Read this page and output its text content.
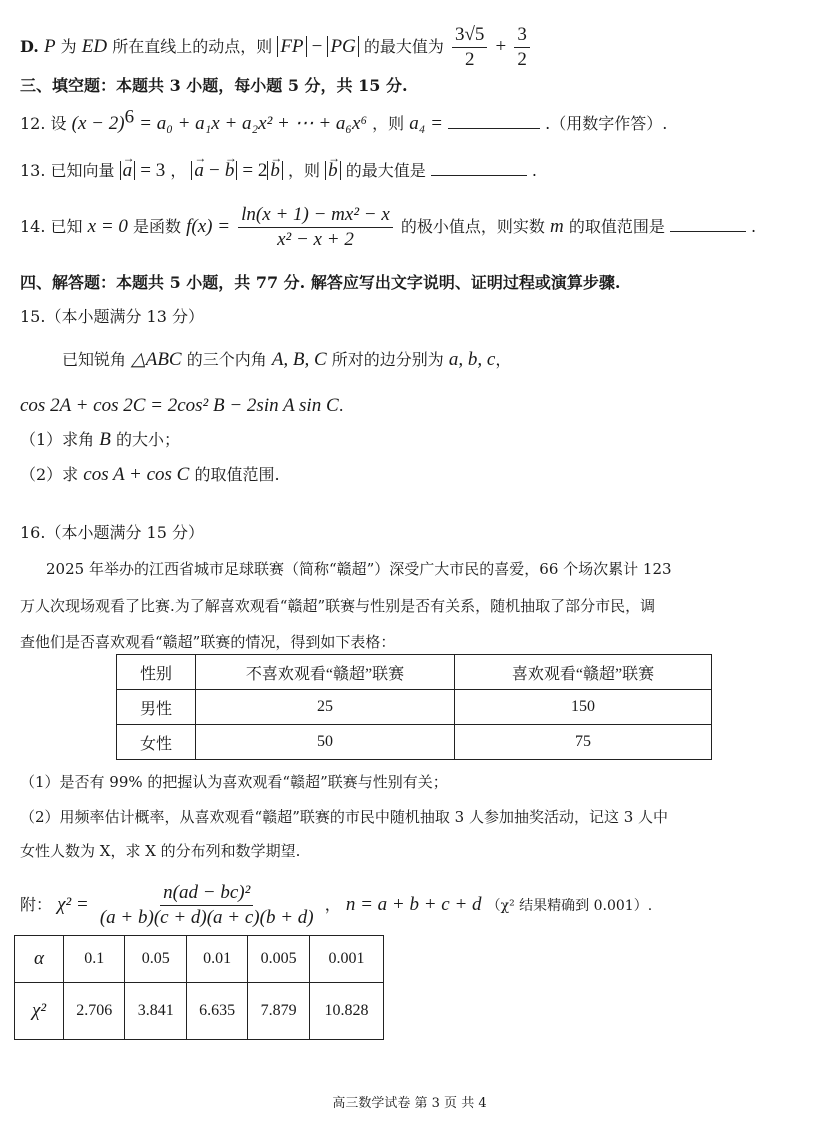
D. P 为 ED 所在直线上的动点，则 FP − PG 的最大值为 $\frac{3√5}{2} + \frac{3}{2}$
三、填空题：本题共 3 小题，每小题 5 分，共 15 分.
12. 设 $(x - 2)^6 = a_0 + a_1x + a_2x^2$ + ⋯ + a₆x⁶ ，则 a₄ =	.（用数字作答）.
13. 已知向量 → a = 3 ， → a − → b = 2 → b ，则 → b 的最大值是	.
14. 已知 x = 0 是函数 $f(x) = \frac{\text{ln(x + 1) − mx² − x}}{\text{x² − x + 2}}$ 的极小值点，则实数 m 的取值范围是	.
四、解答题：本题共 5 小题，共 77 分. 解答应写出文字说明、证明过程或演算步骤.
15.（本小题满分 13 分）
已知锐角 △ABC 的三个内角 A, B, C 所对的边分别为 a, b, c，
cos 2A + cos 2C = 2cos² B − 2sin A sin C.
（1）求角 B 的大小；
（2）求 cos A + cos C 的取值范围.
16.（本小题满分 15 分）
2025 年举办的江西省城市足球联赛（简称“赣超”）深受广大市民的喜爱，66 个场次累计 123
万人次现场观看了比赛.为了解喜欢观看“赣超”联赛与性别是否有关系，随机抽取了部分市民，调
查他们是否喜欢观看“赣超”联赛的情况，得到如下表格：
性别	不喜欢观看“赣超”联赛	喜欢观看“赣超”联赛
男性	25	150
女性	50	75
（1）是否有 99% 的把握认为喜欢观看“赣超”联赛与性别有关；
（2）用频率估计概率，从喜欢观看“赣超”联赛的市民中随机抽取 3 人参加抽奖活动，记这 3 人中
女性人数为 X，求 X 的分布列和数学期望.
附： $\chi^2 = \frac{\text{n(ad − bc)²}}{(a + b)(c + d)(a + c)(b + d)}$ ， n = a + b + c + d （χ² 结果精确到 0.001）.
α	0.1	0.05	0.01	0.005	0.001
χ²	2.706	3.841	6.635	7.879	10.828
高三数学试卷 第 3 页 共 4
